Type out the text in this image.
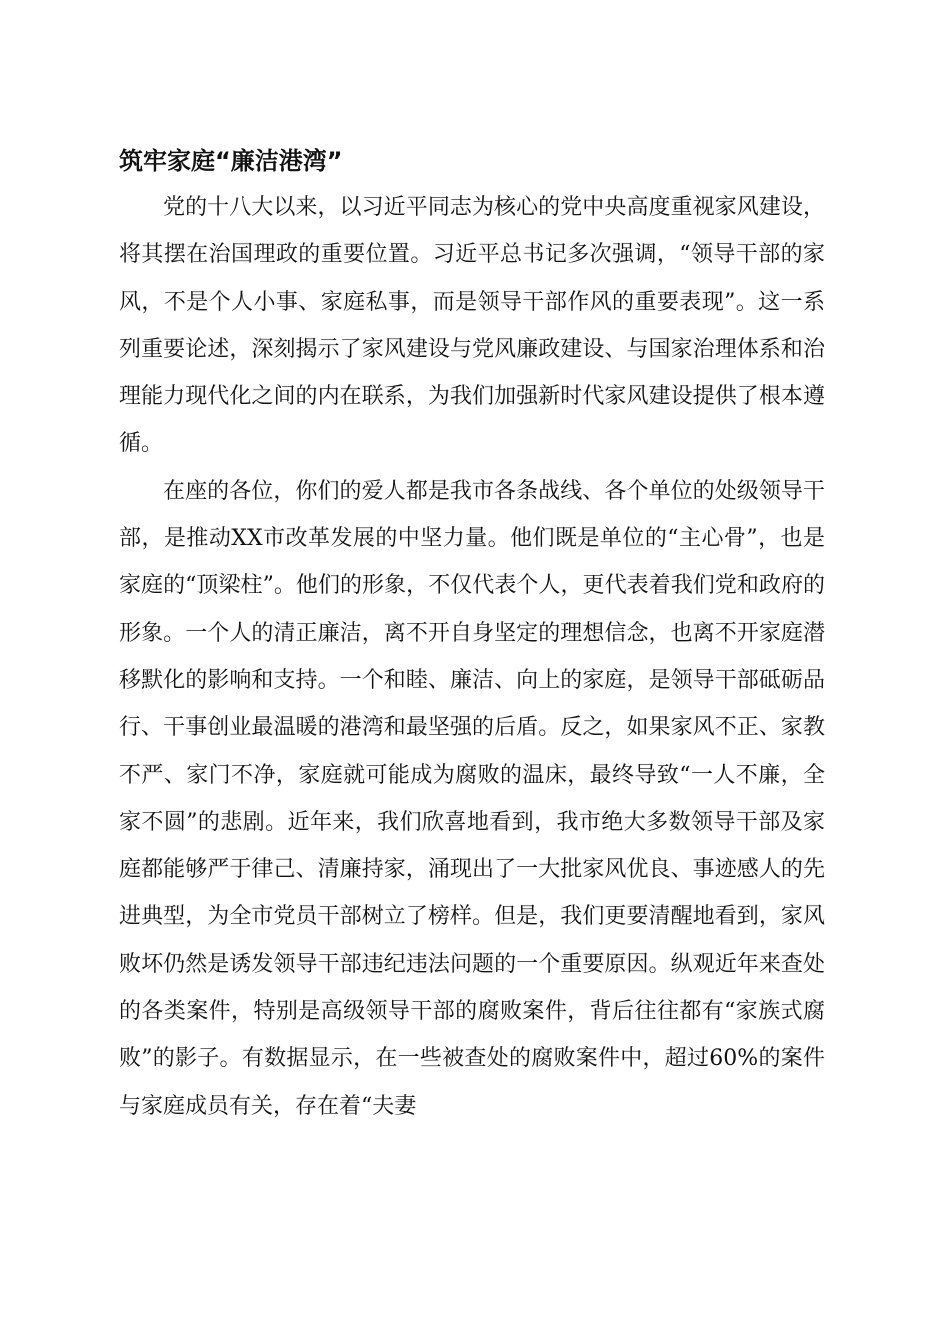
筑牢家庭“廉洁港湾”

党的十八大以来，以习近平同志为核心的党中央高度重视家风建设，将其摆在治国理政的重要位置。习近平总书记多次强调，“领导干部的家风，不是个人小事、家庭私事，而是领导干部作风的重要表现”。这一系列重要论述，深刻揭示了家风建设与党风廉政建设、与国家治理体系和治理能力现代化之间的内在联系，为我们加强新时代家风建设提供了根本遵循。

在座的各位，你们的爱人都是我市各条战线、各个单位的处级领导干部，是推动XX市改革发展的中坚力量。他们既是单位的“主心骨”，也是家庭的“顶梁柱”。他们的形象，不仅代表个人，更代表着我们党和政府的形象。一个人的清正廉洁，离不开自身坚定的理想信念，也离不开家庭潜移默化的影响和支持。一个和睦、廉洁、向上的家庭，是领导干部砥砺品行、干事创业最温暖的港湾和最坚强的后盾。反之，如果家风不正、家教不严、家门不净，家庭就可能成为腐败的温床，最终导致“一人不廉，全家不圆”的悲剧。近年来，我们欣喜地看到，我市绝大多数领导干部及家庭都能够严于律己、清廉持家，涌现出了一大批家风优良、事迹感人的先进典型，为全市党员干部树立了榜样。但是，我们更要清醒地看到，家风败坏仍然是诱发领导干部违纪违法问题的一个重要原因。纵观近年来查处的各类案件，特别是高级领导干部的腐败案件，背后往往都有“家族式腐败”的影子。有数据显示，在一些被查处的腐败案件中，超过60%的案件与家庭成员有关，存在着“夫妻
